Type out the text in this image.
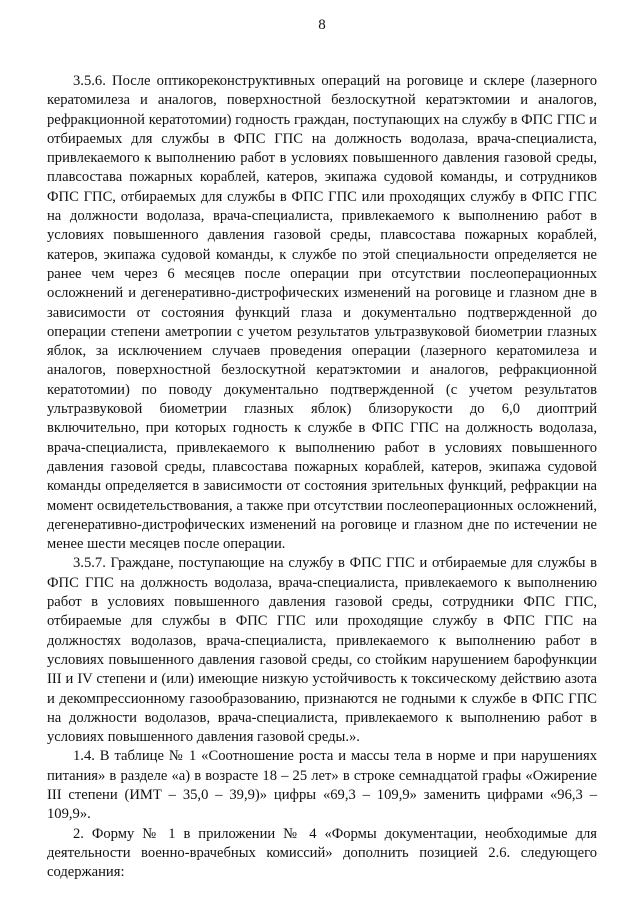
8

3.5.6. После оптикореконструктивных операций на роговице и склере (лазерного кератомилеза и аналогов, поверхностной безлоскутной кератэктомии и аналогов, рефракционной кератотомии) годность граждан, поступающих на службу в ФПС ГПС и отбираемых для службы в ФПС ГПС на должность водолаза, врача-специалиста, привлекаемого к выполнению работ в условиях повышенного давления газовой среды, плавсостава пожарных кораблей, катеров, экипажа судовой команды, и сотрудников ФПС ГПС, отбираемых для службы в ФПС ГПС или проходящих службу в ФПС ГПС на должности водолаза, врача-специалиста, привлекаемого к выполнению работ в условиях повышенного давления газовой среды, плавсостава пожарных кораблей, катеров, экипажа судовой команды, к службе по этой специальности определяется не ранее чем через 6 месяцев после операции при отсутствии послеоперационных осложнений и дегенеративно-дистрофических изменений на роговице и глазном дне в зависимости от состояния функций глаза и документально подтвержденной до операции степени аметропии с учетом результатов ультразвуковой биометрии глазных яблок, за исключением случаев проведения операции (лазерного кератомилеза и аналогов, поверхностной безлоскутной кератэктомии и аналогов, рефракционной кератотомии) по поводу документально подтвержденной (с учетом результатов ультразвуковой биометрии глазных яблок) близорукости до 6,0 диоптрий включительно, при которых годность к службе в ФПС ГПС на должность водолаза, врача-специалиста, привлекаемого к выполнению работ в условиях повышенного давления газовой среды, плавсостава пожарных кораблей, катеров, экипажа судовой команды определяется в зависимости от состояния зрительных функций, рефракции на момент освидетельствования, а также при отсутствии послеоперационных осложнений, дегенеративно-дистрофических изменений на роговице и глазном дне по истечении не менее шести месяцев после операции.

3.5.7. Граждане, поступающие на службу в ФПС ГПС и отбираемые для службы в ФПС ГПС на должность водолаза, врача-специалиста, привлекаемого к выполнению работ в условиях повышенного давления газовой среды, сотрудники ФПС ГПС, отбираемые для службы в ФПС ГПС или проходящие службу в ФПС ГПС на должностях водолазов, врача-специалиста, привлекаемого к выполнению работ в условиях повышенного давления газовой среды, со стойким нарушением барофункции III и IV степени и (или) имеющие низкую устойчивость к токсическому действию азота и декомпрессионному газообразованию, признаются не годными к службе в ФПС ГПС на должности водолазов, врача-специалиста, привлекаемого к выполнению работ в условиях повышенного давления газовой среды.».

1.4. В таблице № 1 «Соотношение роста и массы тела в норме и при нарушениях питания» в разделе «а) в возрасте 18 – 25 лет» в строке семнадцатой графы «Ожирение III степени (ИМТ – 35,0 – 39,9)» цифры «69,3 – 109,9» заменить цифрами «96,3 – 109,9».

2. Форму № 1 в приложении № 4 «Формы документации, необходимые для деятельности военно-врачебных комиссий» дополнить позицией 2.6. следующего содержания:
